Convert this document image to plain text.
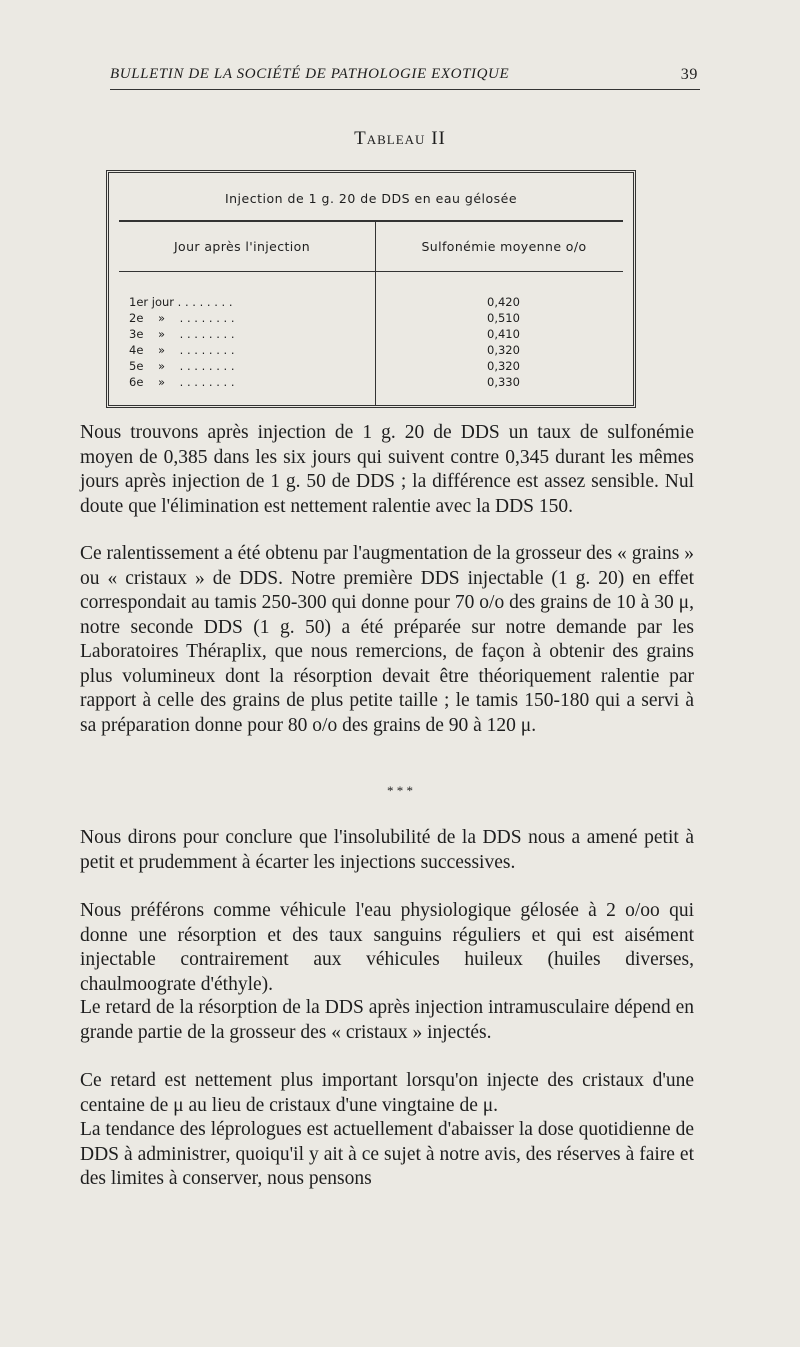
BULLETIN DE LA SOCIÉTÉ DE PATHOLOGIE EXOTIQUE	39
Tableau II
Injection de 1 g. 20 de DDS en eau gélosée
Jour après l'injection	Sulfonémie moyenne o/o
1er jour . . . . . . . .	0,420
2e    »    . . . . . . . .	0,510
3e    »    . . . . . . . .	0,410
4e    »    . . . . . . . .	0,320
5e    »    . . . . . . . .	0,320
6e    »    . . . . . . . .	0,330

Nous trouvons après injection de 1 g. 20 de DDS un taux de sulfonémie moyen de 0,385 dans les six jours qui suivent contre 0,345 durant les mêmes jours après injection de 1 g. 50 de DDS ; la différence est assez sensible. Nul doute que l'élimination est nettement ralentie avec la DDS 150.

Ce ralentissement a été obtenu par l'augmentation de la grosseur des « grains » ou « cristaux » de DDS. Notre première DDS injectable (1 g. 20) en effet correspondait au tamis 250-300 qui donne pour 70 o/o des grains de 10 à 30 μ, notre seconde DDS (1 g. 50) a été préparée sur notre demande par les Laboratoires Théraplix, que nous remercions, de façon à obtenir des grains plus volumineux dont la résorption devait être théoriquement ralentie par rapport à celle des grains de plus petite taille ; le tamis 150-180 qui a servi à sa préparation donne pour 80 o/o des grains de 90 à 120 μ.

* * *

Nous dirons pour conclure que l'insolubilité de la DDS nous a amené petit à petit et prudemment à écarter les injections successives.

Nous préférons comme véhicule l'eau physiologique gélosée à 2 o/oo qui donne une résorption et des taux sanguins réguliers et qui est aisément injectable contrairement aux véhicules huileux (huiles diverses, chaulmoograte d'éthyle).

Le retard de la résorption de la DDS après injection intramusculaire dépend en grande partie de la grosseur des « cristaux » injectés.

Ce retard est nettement plus important lorsqu'on injecte des cristaux d'une centaine de μ au lieu de cristaux d'une vingtaine de μ.

La tendance des léprologues est actuellement d'abaisser la dose quotidienne de DDS à administrer, quoiqu'il y ait à ce sujet à notre avis, des réserves à faire et des limites à conserver, nous pensons
